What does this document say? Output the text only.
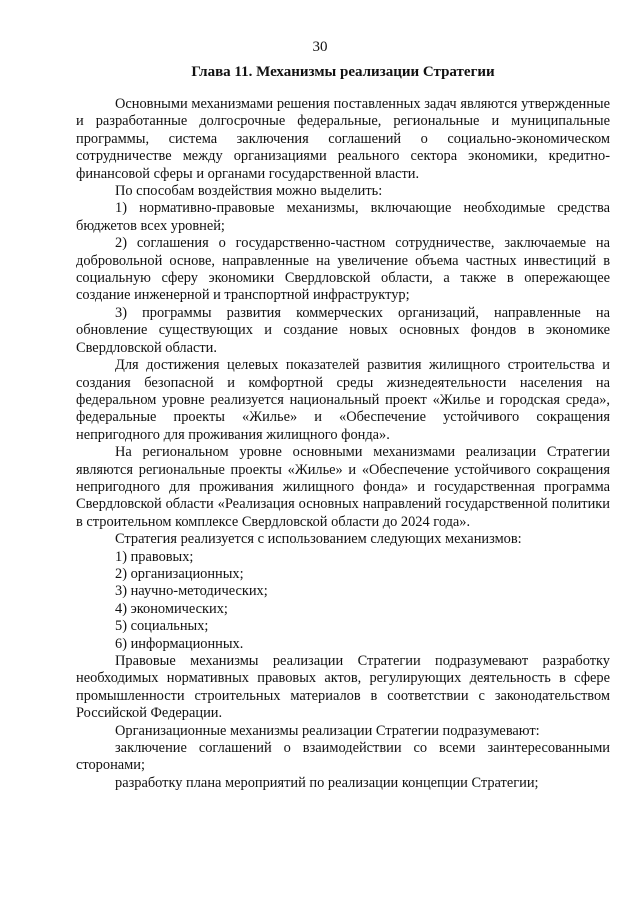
30
Глава 11. Механизмы реализации Стратегии

Основными механизмами решения поставленных задач являются утвержденные и разработанные долгосрочные федеральные, региональные и муниципальные программы, система заключения соглашений о социально-экономическом сотрудничестве между организациями реального сектора экономики, кредитно-финансовой сферы и органами государственной власти.

По способам воздействия можно выделить:

1) нормативно-правовые механизмы, включающие необходимые средства бюджетов всех уровней;

2) соглашения о государственно-частном сотрудничестве, заключаемые на добровольной основе, направленные на увеличение объема частных инвестиций в социальную сферу экономики Свердловской области, а также в опережающее создание инженерной и транспортной инфраструктур;

3) программы развития коммерческих организаций, направленные на обновление существующих и создание новых основных фондов в экономике Свердловской области.

Для достижения целевых показателей развития жилищного строительства и создания безопасной и комфортной среды жизнедеятельности населения на федеральном уровне реализуется национальный проект «Жилье и городская среда», федеральные проекты «Жилье» и «Обеспечение устойчивого сокращения непригодного для проживания жилищного фонда».

На региональном уровне основными механизмами реализации Стратегии являются региональные проекты «Жилье» и «Обеспечение устойчивого сокращения непригодного для проживания жилищного фонда» и государственная программа Свердловской области «Реализация основных направлений государственной политики в строительном комплексе Свердловской области до 2024 года».

Стратегия реализуется с использованием следующих механизмов:

1) правовых;

2) организационных;

3) научно-методических;

4) экономических;

5) социальных;

6) информационных.

Правовые механизмы реализации Стратегии подразумевают разработку необходимых нормативных правовых актов, регулирующих деятельность в сфере промышленности строительных материалов в соответствии с законодательством Российской Федерации.

Организационные механизмы реализации Стратегии подразумевают:

заключение соглашений о взаимодействии со всеми заинтересованными сторонами;

разработку плана мероприятий по реализации концепции Стратегии;
